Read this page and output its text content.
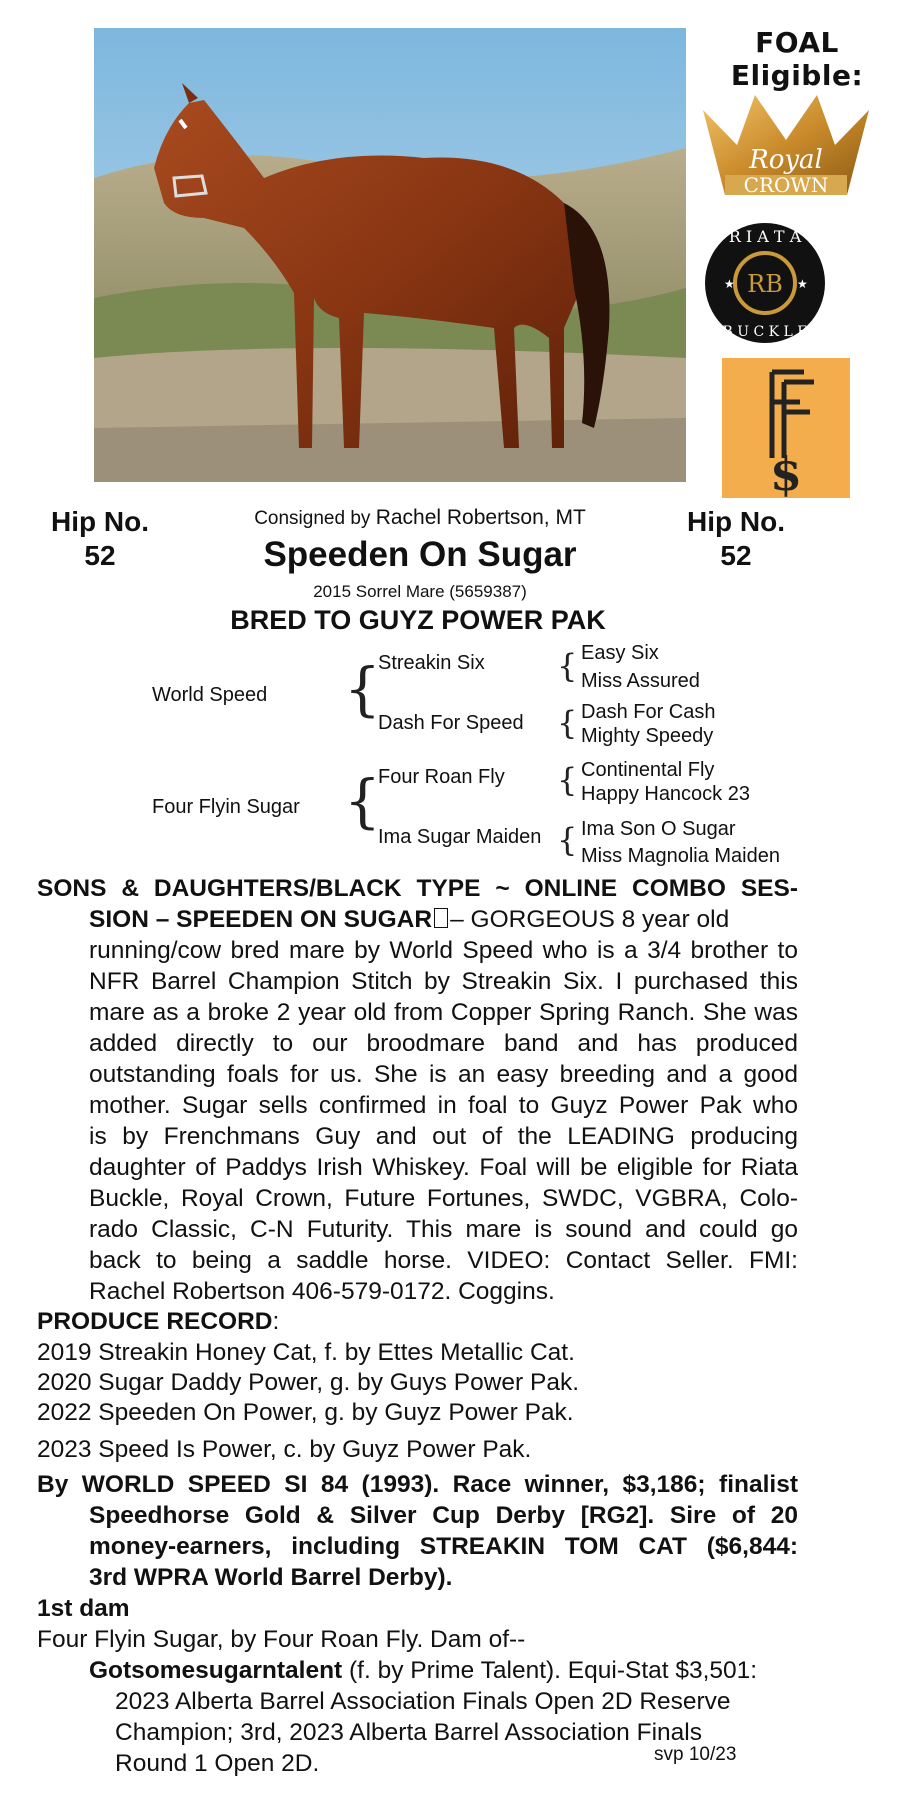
FOAL Eligible:
Royal
CROWN
RB
R I A T A
B U C K L E
★	★
$
Hip No.
52
Hip No.
52
Consigned by Rachel Robertson, MT
Speeden On Sugar
2015 Sorrel Mare (5659387)
BRED TO GUYZ POWER PAK
World Speed {
Streakin Six
Dash For Speed
{ Easy Six
Miss Assured
{ Dash For Cash
Mighty Speedy
Four Flyin Sugar {
Four Roan Fly
Ima Sugar Maiden
{ Continental Fly
Happy Hancock 23
{ Ima Son O Sugar
Miss Magnolia Maiden
SONS & DAUGHTERS/BLACK TYPE ~ ONLINE COMBO SES-
SION – SPEEDEN ON SUGAR – GORGEOUS 8 year old
running/cow bred mare by World Speed who is a 3/4 brother to
NFR Barrel Champion Stitch by Streakin Six. I purchased this
mare as a broke 2 year old from Copper Spring Ranch. She was
added directly to our broodmare band and has produced
outstanding foals for us. She is an easy breeding and a good
mother. Sugar sells confirmed in foal to Guyz Power Pak who
is by Frenchmans Guy and out of the LEADING producing
daughter of Paddys Irish Whiskey. Foal will be eligible for Riata
Buckle, Royal Crown, Future Fortunes, SWDC, VGBRA, Colo-
rado Classic, C-N Futurity. This mare is sound and could go
back to being a saddle horse. VIDEO: Contact Seller. FMI:
Rachel Robertson 406-579-0172. Coggins.
PRODUCE RECORD:
2019 Streakin Honey Cat, f. by Ettes Metallic Cat.
2020 Sugar Daddy Power, g. by Guys Power Pak.
2022 Speeden On Power, g. by Guyz Power Pak.
2023 Speed Is Power, c. by Guyz Power Pak.
By WORLD SPEED SI 84 (1993). Race winner, $3,186; finalist
Speedhorse Gold & Silver Cup Derby [RG2]. Sire of 20
money-earners, including STREAKIN TOM CAT ($6,844:
3rd WPRA World Barrel Derby).
1st dam
Four Flyin Sugar, by Four Roan Fly. Dam of--
Gotsomesugarntalent (f. by Prime Talent). Equi-Stat $3,501:
2023 Alberta Barrel Association Finals Open 2D Reserve
Champion; 3rd, 2023 Alberta Barrel Association Finals
Round 1 Open 2D.	svp 10/23
